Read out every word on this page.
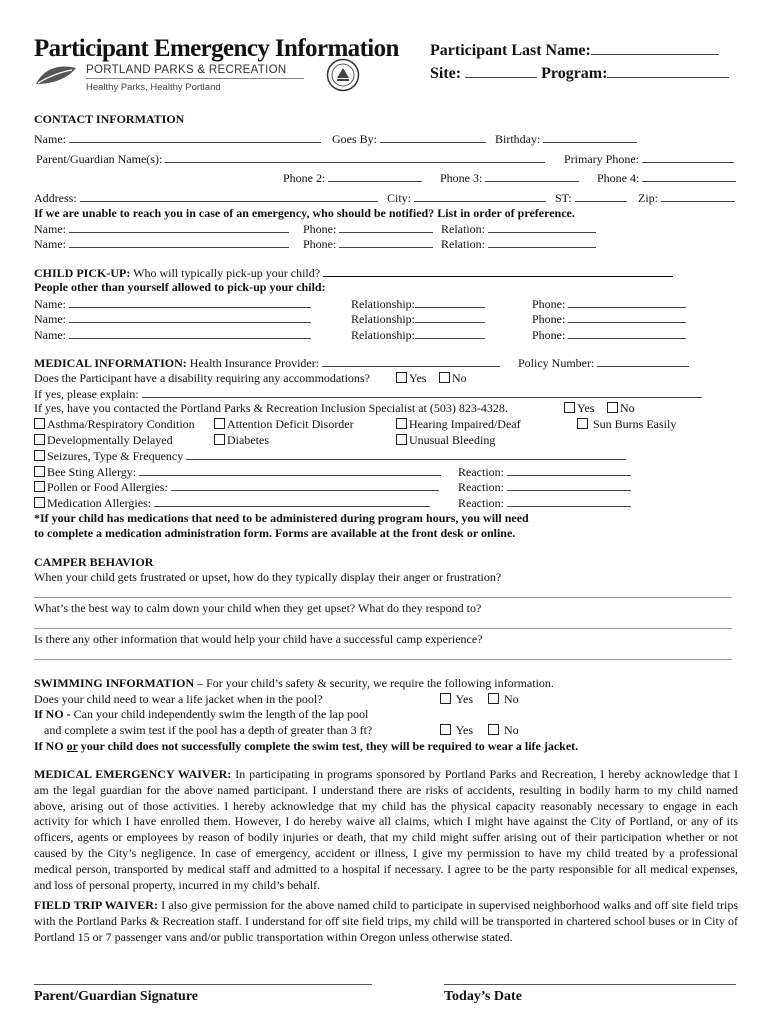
Participant Emergency Information
PORTLAND PARKS & RECREATION
Healthy Parks, Healthy Portland
Participant Last Name:
Site:	Program:
CONTACT INFORMATION
Name:	Goes By:	Birthday:
Parent/Guardian Name(s):	Primary Phone:
Phone 2:	Phone 3:	Phone 4:
Address:	City:	ST:	Zip:
If we are unable to reach you in case of an emergency, who should be notified? List in order of preference.
Name:	Phone:	Relation:
Name:	Phone:	Relation:
CHILD PICK-UP: Who will typically pick-up your child?
People other than yourself allowed to pick-up your child:
Name:	Relationship:	Phone:
Name:	Relationship:	Phone:
Name:	Relationship:	Phone:
MEDICAL INFORMATION: Health Insurance Provider:	Policy Number:
Does the Participant have a disability requiring any accommodations?	Yes	No
If yes, please explain:
If yes, have you contacted the Portland Parks & Recreation Inclusion Specialist at (503) 823-4328.	Yes	No
Asthma/Respiratory Condition	Attention Deficit Disorder	Hearing Impaired/Deaf	Sun Burns Easily
Developmentally Delayed	Diabetes	Unusual Bleeding
Seizures, Type & Frequency
Bee Sting Allergy:	Reaction:
Pollen or Food Allergies:	Reaction:
Medication Allergies:	Reaction:
*If your child has medications that need to be administered during program hours, you will need
to complete a medication administration form. Forms are available at the front desk or online.
CAMPER BEHAVIOR
When your child gets frustrated or upset, how do they typically display their anger or frustration?
What’s the best way to calm down your child when they get upset? What do they respond to?
Is there any other information that would help your child have a successful camp experience?
SWIMMING INFORMATION – For your child’s safety & security, we require the following information.
Does your child need to wear a life jacket when in the pool?	Yes	No
If NO - Can your child independently swim the length of the lap pool
and complete a swim test if the pool has a depth of greater than 3 ft?	Yes	No
If NO or your child does not successfully complete the swim test, they will be required to wear a life jacket.
MEDICAL EMERGENCY WAIVER: In participating in programs sponsored by Portland Parks and Recreation, I hereby acknowledge that I am the legal guardian for the above named participant. I understand there are risks of accidents, resulting in bodily harm to my child named above, arising out of those activities. I hereby acknowledge that my child has the physical capacity reasonably necessary to engage in each activity for which I have enrolled them. However, I do hereby waive all claims, which I might have against the City of Portland, or any of its officers, agents or employees by reason of bodily injuries or death, that my child might suffer arising out of their participation whether or not caused by the City’s negligence. In case of emergency, accident or illness, I give my permission to have my child treated by a professional medical person, transported by medical staff and admitted to a hospital if necessary. I agree to be the party responsible for all medical expenses, and loss of personal property, incurred in my child’s behalf.
FIELD TRIP WAIVER: I also give permission for the above named child to participate in supervised neighborhood walks and off site field trips with the Portland Parks & Recreation staff. I understand for off site field trips, my child will be transported in chartered school buses or in City of Portland 15 or 7 passenger vans and/or public transportation within Oregon unless otherwise stated.
Parent/Guardian Signature	Today’s Date
